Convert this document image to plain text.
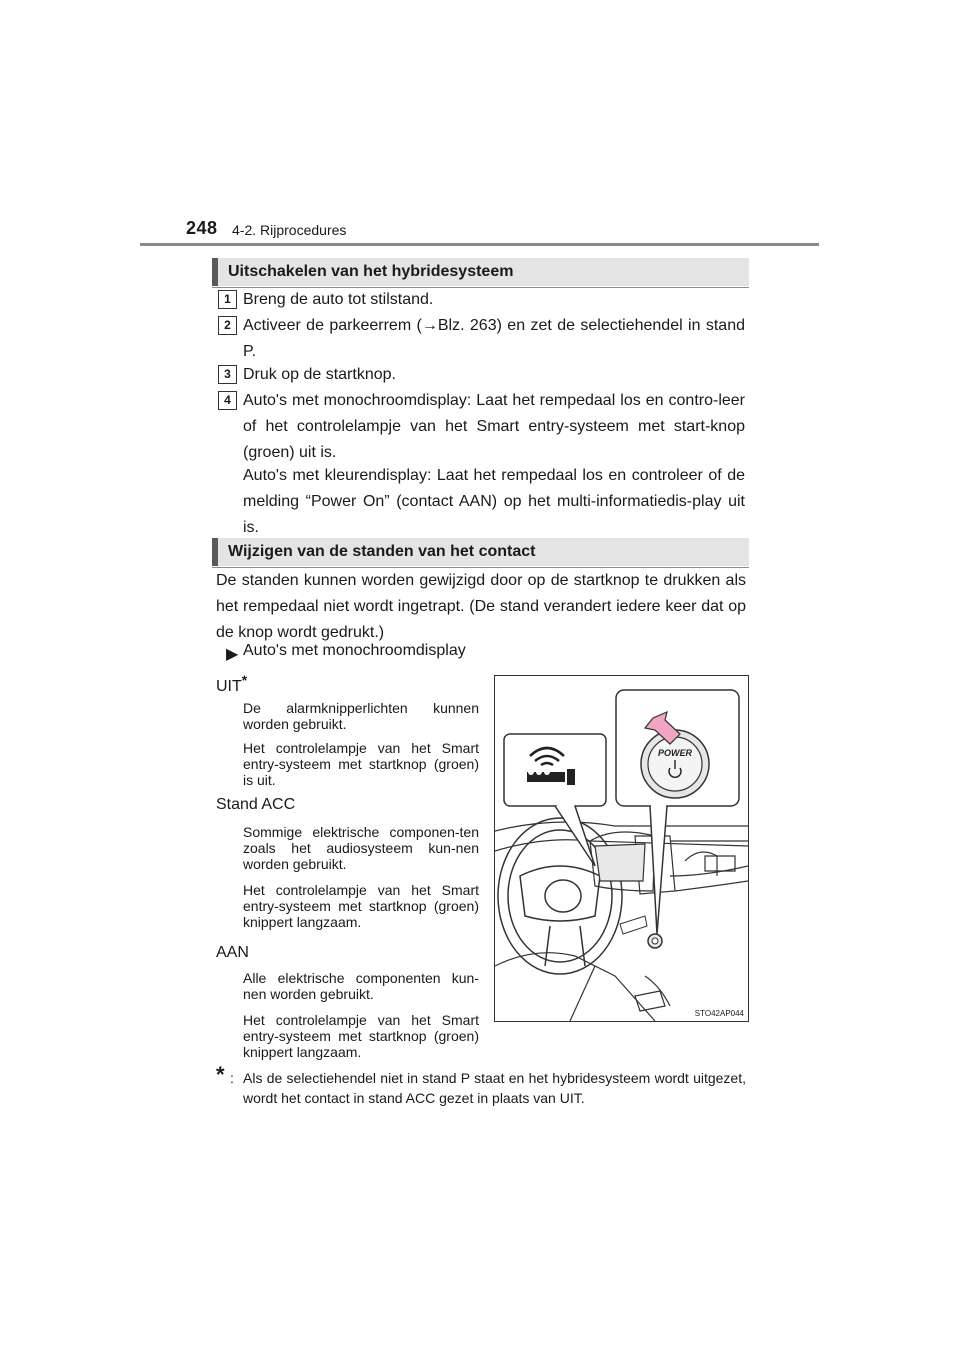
248 4-2. Rijprocedures
Uitschakelen van het hybridesysteem
1 Breng de auto tot stilstand.
2 Activeer de parkeerrem (→Blz. 263) en zet de selectiehendel in stand P.
3 Druk op de startknop.
4 Auto's met monochroomdisplay: Laat het rempedaal los en contro-leer of het controlelampje van het Smart entry-systeem met start-knop (groen) uit is.
Auto's met kleurendisplay: Laat het rempedaal los en controleer of de melding “Power On” (contact AAN) op het multi-informatiedis-play uit is.
Wijzigen van de standen van het contact
De standen kunnen worden gewijzigd door op de startknop te drukken als het rempedaal niet wordt ingetrapt. (De stand verandert iedere keer dat op de knop wordt gedrukt.)
▶ Auto's met monochroomdisplay
UIT*
De alarmknipperlichten kunnen worden gebruikt.
Het controlelampje van het Smart entry-systeem met startknop (groen) is uit.
Stand ACC
Sommige elektrische componen-ten zoals het audiosysteem kun-nen worden gebruikt.
Het controlelampje van het Smart entry-systeem met startknop (groen) knippert langzaam.
AAN
Alle elektrische componenten kun-nen worden gebruikt.
Het controlelampje van het Smart entry-systeem met startknop (groen) knippert langzaam.
POWER
STO42AP044
* : Als de selectiehendel niet in stand P staat en het hybridesysteem wordt uitgezet, wordt het contact in stand ACC gezet in plaats van UIT.
